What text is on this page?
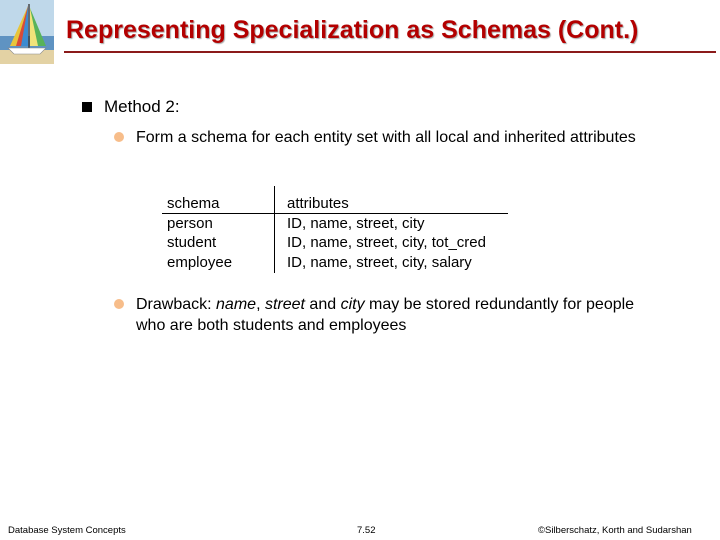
Representing Specialization as Schemas (Cont.)
Method 2:
Form a schema for each entity set with all local and inherited attributes
schema
person
student
employee
attributes
ID, name, street, city
ID, name, street, city, tot_cred
ID, name, street, city, salary
Drawback: name, street and city may be stored redundantly for people who are both students and employees
Database System Concepts	7.52	©Silberschatz, Korth and Sudarshan
